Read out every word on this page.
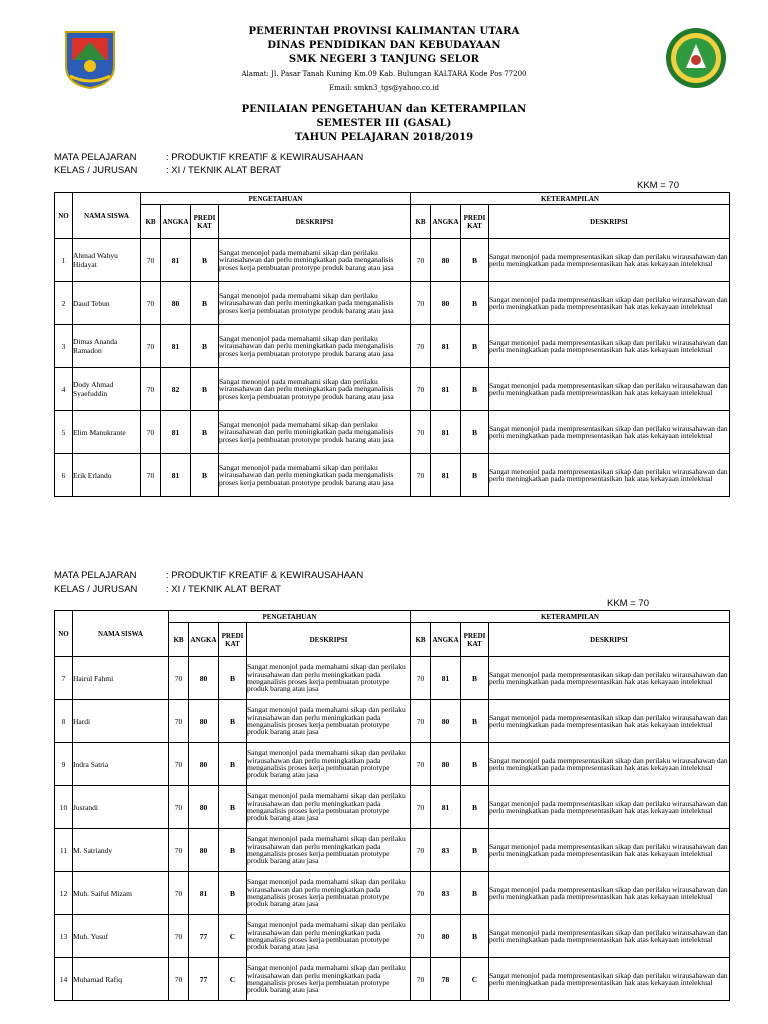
PEMERINTAH PROVINSI KALIMANTAN UTARA
DINAS PENDIDIKAN DAN KEBUDAYAAN
SMK NEGERI 3 TANJUNG SELOR
Alamat: Jl. Pasar Tanah Kuning Km.09 Kab. Bulungan KALTARA Kode Pos 77200
Email: smkn3_tgs@yahoo.co.id
PENILAIAN PENGETAHUAN dan KETERAMPILAN
SEMESTER III (GASAL)
TAHUN PELAJARAN 2018/2019
MATA PELAJARAN	: PRODUKTIF KREATIF & KEWIRAUSAHAAN
KELAS / JURUSAN	: XI / TEKNIK ALAT BERAT
KKM = 70
NO	NAMA SISWA	PENGETAHUAN				KETERAMPILAN			
		KB	ANGKA	PREDI KAT	DESKRIPSI	KB	ANGKA	PREDI KAT	DESKRIPSI
1	Ahmad Wahyu Hidayat	70	81	B	Sangat menonjol pada memahami sikap dan perilaku wirausahawan dan perlu meningkatkan pada menganalisis proses kerja pembuatan prototype produk barang atau jasa	70	80	B	Sangat menonjol pada mempresentasikan sikap dan perilaku wirausahawan dan perlu meningkatkan pada mempresentasikan hak atas kekayaan intelektual
2	Daud Tebun	70	80	B	Sangat menonjol pada memahami sikap dan perilaku wirausahawan dan perlu meningkatkan pada menganalisis proses kerja pembuatan prototype produk barang atau jasa	70	80	B	Sangat menonjol pada mempresentasikan sikap dan perilaku wirausahawan dan perlu meningkatkan pada mempresentasikan hak atas kekayaan intelektual
3	Dimas Ananda Ramadon	70	81	B	Sangat menonjol pada memahami sikap dan perilaku wirausahawan dan perlu meningkatkan pada menganalisis proses kerja pembuatan prototype produk barang atau jasa	70	81	B	Sangat menonjol pada mempresentasikan sikap dan perilaku wirausahawan dan perlu meningkatkan pada mempresentasikan hak atas kekayaan intelektual
4	Dody Ahmad Syaefuddin	70	82	B	Sangat menonjol pada memahami sikap dan perilaku wirausahawan dan perlu meningkatkan pada menganalisis proses kerja pembuatan prototype produk barang atau jasa	70	81	B	Sangat menonjol pada mempresentasikan sikap dan perilaku wirausahawan dan perlu meningkatkan pada mempresentasikan hak atas kekayaan intelektual
5	Elim Manukrante	70	81	B	Sangat menonjol pada memahami sikap dan perilaku wirausahawan dan perlu meningkatkan pada menganalisis proses kerja pembuatan prototype produk barang atau jasa	70	81	B	Sangat menonjol pada mempresentasikan sikap dan perilaku wirausahawan dan perlu meningkatkan pada mempresentasikan hak atas kekayaan intelektual
6	Erik Erlando	70	81	B	Sangat menonjol pada memahami sikap dan perilaku wirausahawan dan perlu meningkatkan pada menganalisis proses kerja pembuatan prototype produk barang atau jasa	70	81	B	Sangat menonjol pada mempresentasikan sikap dan perilaku wirausahawan dan perlu meningkatkan pada mempresentasikan hak atas kekayaan intelektual
MATA PELAJARAN	: PRODUKTIF KREATIF & KEWIRAUSAHAAN
KELAS / JURUSAN	: XI / TEKNIK ALAT BERAT
KKM = 70
NO	NAMA SISWA	PENGETAHUAN				KETERAMPILAN			
		KB	ANGKA	PREDI KAT	DESKRIPSI	KB	ANGKA	PREDI KAT	DESKRIPSI
7	Hairul Fahmi	70	80	B	Sangat menonjol pada memahami sikap dan perilaku wirausahawan dan perlu meningkatkan pada menganalisis proses kerja pembuatan prototype produk barang atau jasa	70	81	B	Sangat menonjol pada mempresentasikan sikap dan perilaku wirausahawan dan perlu meningkatkan pada mempresentasikan hak atas kekayaan intelektual
8	Hardi	70	80	B	Sangat menonjol pada memahami sikap dan perilaku wirausahawan dan perlu meningkatkan pada menganalisis proses kerja pembuatan prototype produk barang atau jasa	70	80	B	Sangat menonjol pada mempresentasikan sikap dan perilaku wirausahawan dan perlu meningkatkan pada mempresentasikan hak atas kekayaan intelektual
9	Indra Satria	70	80	B	Sangat menonjol pada memahami sikap dan perilaku wirausahawan dan perlu meningkatkan pada menganalisis proses kerja pembuatan prototype produk barang atau jasa	70	80	B	Sangat menonjol pada mempresentasikan sikap dan perilaku wirausahawan dan perlu meningkatkan pada mempresentasikan hak atas kekayaan intelektual
10	Jusrandi	70	80	B	Sangat menonjol pada memahami sikap dan perilaku wirausahawan dan perlu meningkatkan pada menganalisis proses kerja pembuatan prototype produk barang atau jasa	70	81	B	Sangat menonjol pada mempresentasikan sikap dan perilaku wirausahawan dan perlu meningkatkan pada mempresentasikan hak atas kekayaan intelektual
11	M. Satriandy	70	80	B	Sangat menonjol pada memahami sikap dan perilaku wirausahawan dan perlu meningkatkan pada menganalisis proses kerja pembuatan prototype produk barang atau jasa	70	83	B	Sangat menonjol pada mempresentasikan sikap dan perilaku wirausahawan dan perlu meningkatkan pada mempresentasikan hak atas kekayaan intelektual
12	Muh. Saiful Mizam	70	81	B	Sangat menonjol pada memahami sikap dan perilaku wirausahawan dan perlu meningkatkan pada menganalisis proses kerja pembuatan prototype produk barang atau jasa	70	83	B	Sangat menonjol pada mempresentasikan sikap dan perilaku wirausahawan dan perlu meningkatkan pada mempresentasikan hak atas kekayaan intelektual
13	Muh. Yusuf	70	77	C	Sangat menonjol pada memahami sikap dan perilaku wirausahawan dan perlu meningkatkan pada menganalisis proses kerja pembuatan prototype produk barang atau jasa	70	80	B	Sangat menonjol pada mempresentasikan sikap dan perilaku wirausahawan dan perlu meningkatkan pada mempresentasikan hak atas kekayaan intelektual
14	Muhamad Rafiq	70	77	C	Sangat menonjol pada memahami sikap dan perilaku wirausahawan dan perlu meningkatkan pada menganalisis proses kerja pembuatan prototype produk barang atau jasa	70	78	C	Sangat menonjol pada mempresentasikan sikap dan perilaku wirausahawan dan perlu meningkatkan pada mempresentasikan hak atas kekayaan intelektual
